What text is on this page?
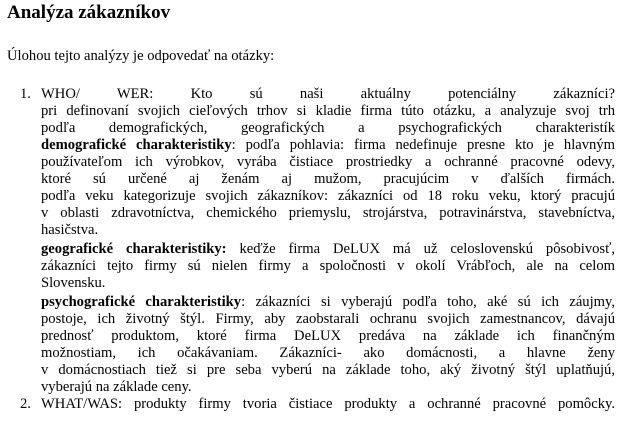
Analýza zákazníkov

Úlohou tejto analýzy je odpovedať na otázky:

1. WHO/ WER: Kto sú naši aktuálny potenciálny zákazníci?
pri definovaní svojich cieľových trhov si kladie firma túto otázku, a analyzuje svoj trh
podľa demografických, geografických a psychografických charakteristík
demografické charakteristiky: podľa pohlavia: firma nedefinuje presne kto je hlavným
používateľom ich výrobkov, vyrába čistiace prostriedky a ochranné pracovné odevy,
ktoré sú určené aj ženám aj mužom, pracujúcim v ďalších firmách.
podľa veku kategorizuje svojich zákazníkov: zákazníci od 18 roku veku, ktorý pracujú
v oblasti zdravotníctva, chemického priemyslu, strojárstva, potravinárstva, stavebníctva,
hasičstva.
geografické charakteristiky: keďže firma DeLUX má už celoslovenskú pôsobivosť,
zákazníci tejto firmy sú nielen firmy a spoločnosti v okolí Vrábľoch, ale na celom
Slovensku.
psychografické charakteristiky: zákazníci si vyberajú podľa toho, aké sú ich záujmy,
postoje, ich životný štýl. Firmy, aby zaobstarali ochranu svojich zamestnancov, dávajú
prednosť produktom, ktoré firma DeLUX predáva na základe ich finančným
možnostiam, ich očakávaniam. Zákazníci- ako domácnosti, a hlavne ženy
v domácnostiach tiež si pre seba vyberú na základe toho, aký životný štýl uplatňujú,
vyberajú na základe ceny.
2. WHAT/WAS: produkty firmy tvoria čistiace produkty a ochranné pracovné pomôcky.
